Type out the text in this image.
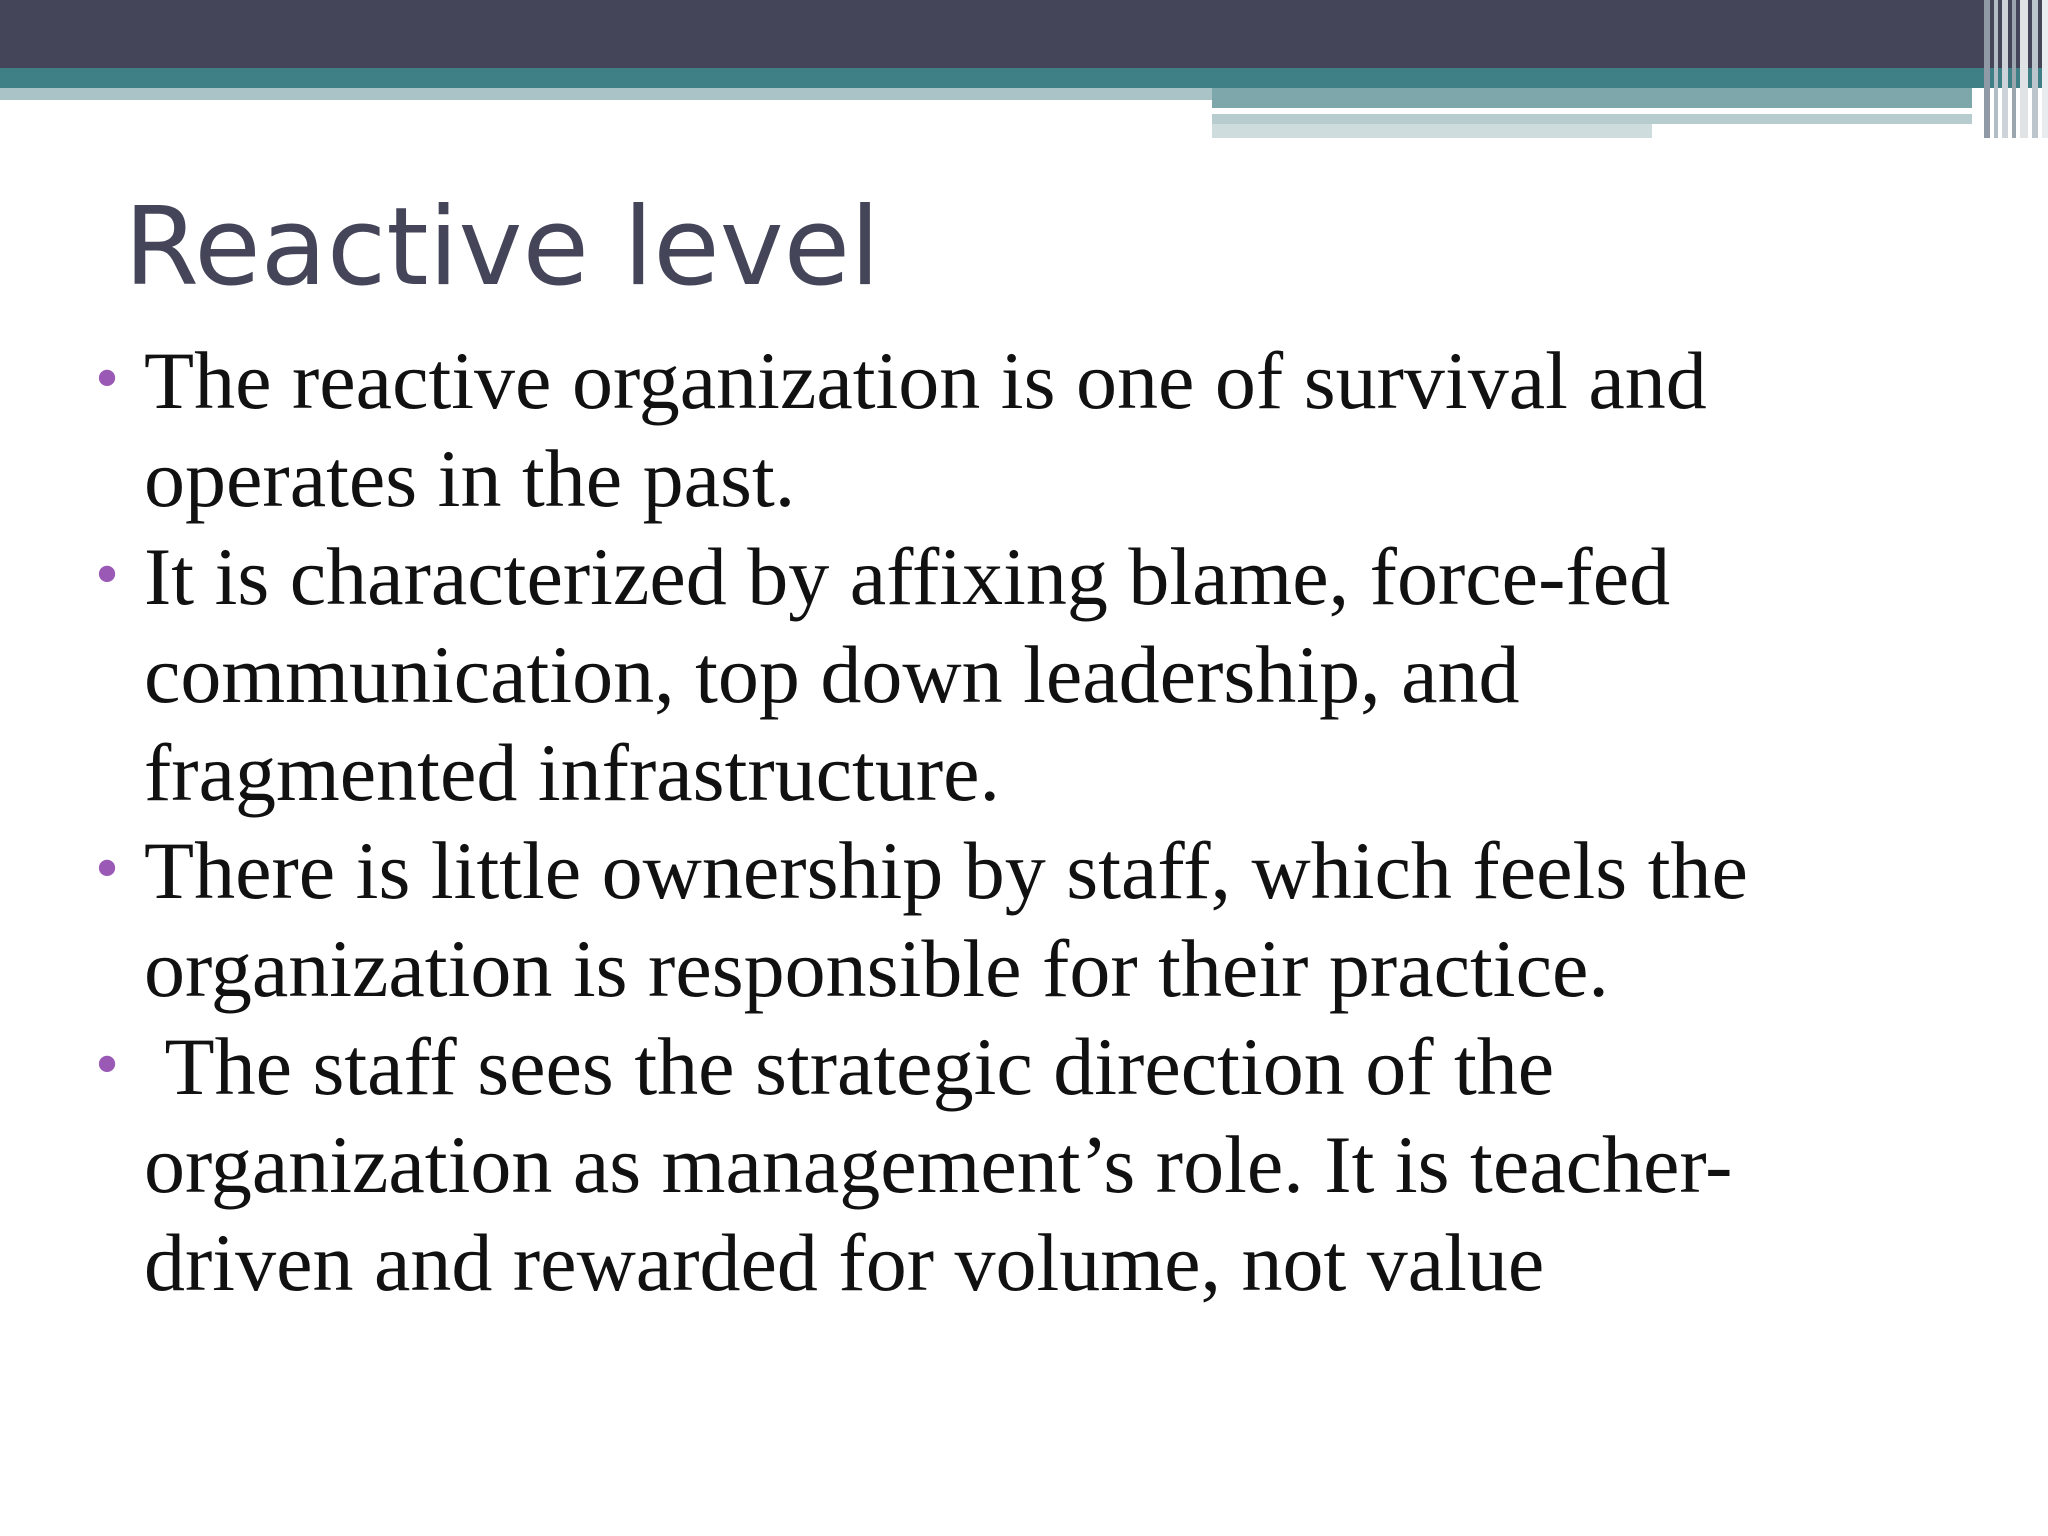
Reactive level
• The reactive organization is one of survival and operates in the past.
• It is characterized by affixing blame, force-fed communication, top down leadership, and fragmented infrastructure.
• There is little ownership by staff, which feels the organization is responsible for their practice.
• The staff sees the strategic direction of the organization as management’s role. It is teacher-driven and rewarded for volume, not value
